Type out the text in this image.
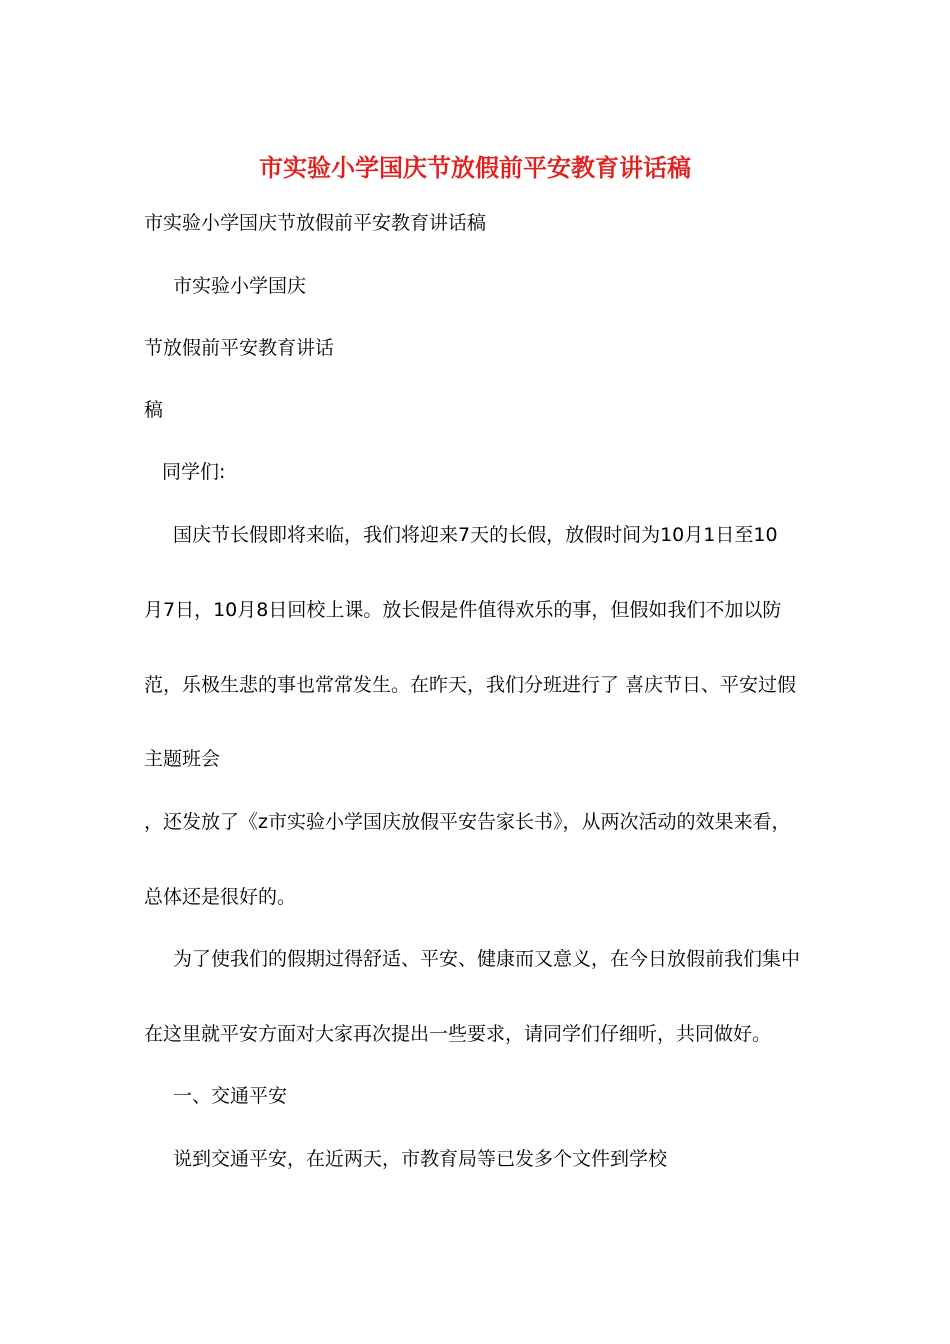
市实验小学国庆节放假前平安教育讲话稿

市实验小学国庆节放假前平安教育讲话稿

市实验小学国庆

节放假前平安教育讲话

稿

同学们:

国庆节长假即将来临，我们将迎来7天的长假，放假时间为10月1日至10

月7日，10月8日回校上课。放长假是件值得欢乐的事，但假如我们不加以防

范，乐极生悲的事也常常发生。在昨天，我们分班进行了 喜庆节日、平安过假

主题班会

，还发放了《z市实验小学国庆放假平安告家长书》，从两次活动的效果来看，

总体还是很好的。

为了使我们的假期过得舒适、平安、健康而又意义，在今日放假前我们集中

在这里就平安方面对大家再次提出一些要求，请同学们仔细听，共同做好。

一、交通平安

说到交通平安，在近两天，市教育局等已发多个文件到学校
